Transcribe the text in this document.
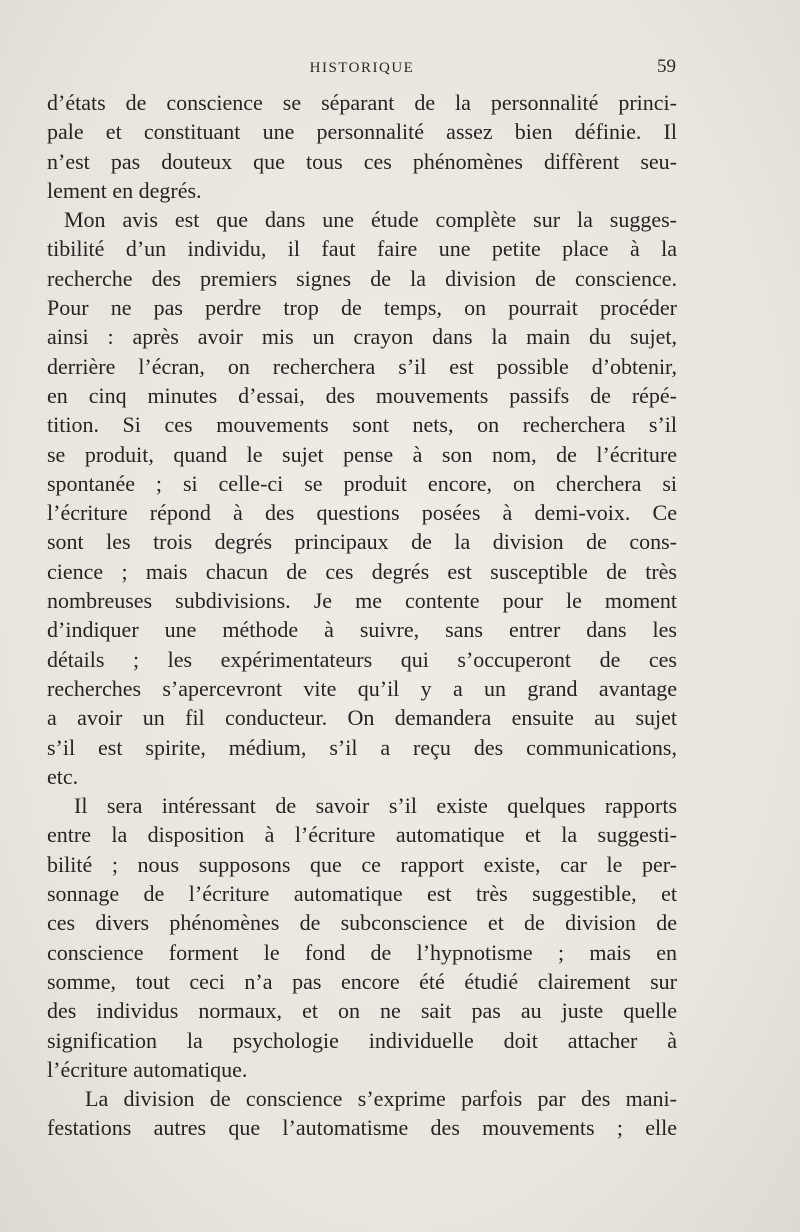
HISTORIQUE	59

d’états de conscience se séparant de la personnalité princi-
pale et constituant une personnalité assez bien définie. Il
n’est pas douteux que tous ces phénomènes diffèrent seu-
lement en degrés.

Mon avis est que dans une étude complète sur la sugges-
tibilité d’un individu, il faut faire une petite place à la
recherche des premiers signes de la division de conscience.
Pour ne pas perdre trop de temps, on pourrait procéder
ainsi : après avoir mis un crayon dans la main du sujet,
derrière l’écran, on recherchera s’il est possible d’obtenir,
en cinq minutes d’essai, des mouvements passifs de répé-
tition. Si ces mouvements sont nets, on recherchera s’il
se produit, quand le sujet pense à son nom, de l’écriture
spontanée ; si celle-ci se produit encore, on cherchera si
l’écriture répond à des questions posées à demi-voix. Ce
sont les trois degrés principaux de la division de cons-
cience ; mais chacun de ces degrés est susceptible de très
nombreuses subdivisions. Je me contente pour le moment
d’indiquer une méthode à suivre, sans entrer dans les
détails ; les expérimentateurs qui s’occuperont de ces
recherches s’apercevront vite qu’il y a un grand avantage
a avoir un fil conducteur. On demandera ensuite au sujet
s’il est spirite, médium, s’il a reçu des communications,
etc.

Il sera intéressant de savoir s’il existe quelques rapports
entre la disposition à l’écriture automatique et la suggesti-
bilité ; nous supposons que ce rapport existe, car le per-
sonnage de l’écriture automatique est très suggestible, et
ces divers phénomènes de subconscience et de division de
conscience forment le fond de l’hypnotisme ; mais en
somme, tout ceci n’a pas encore été étudié clairement sur
des individus normaux, et on ne sait pas au juste quelle
signification la psychologie individuelle doit attacher à
l’écriture automatique.

La division de conscience s’exprime parfois par des mani-
festations autres que l’automatisme des mouvements ; elle
